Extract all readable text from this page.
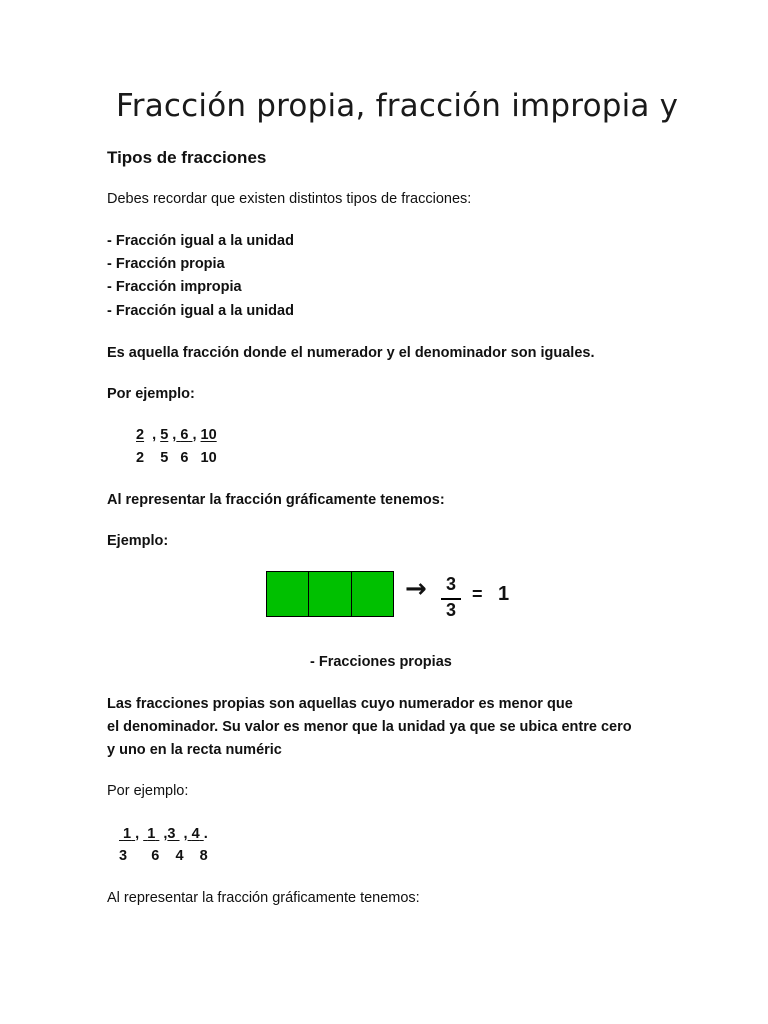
Fracción propia, fracción impropia y
Tipos de fracciones
Debes recordar que existen distintos tipos de fracciones:
- Fracción igual a la unidad
- Fracción propia
- Fracción impropia
- Fracción igual a la unidad
Es aquella fracción donde el numerador y el denominador son iguales.
Por ejemplo:
2  , 5 , 6 , 10
2 5 6 10
Al representar la fracción gráficamente tenemos:
Ejemplo:
→ 3
3
= 1
- Fracciones propias
Las fracciones propias son aquellas cuyo numerador es menor que
el denominador. Su valor es menor que la unidad ya que se ubica entre cero
y uno en la recta numéric
Por ejemplo:
1 ,  1  ,3  , 4 .
3 6 4 8
Al representar la fracción gráficamente tenemos:
